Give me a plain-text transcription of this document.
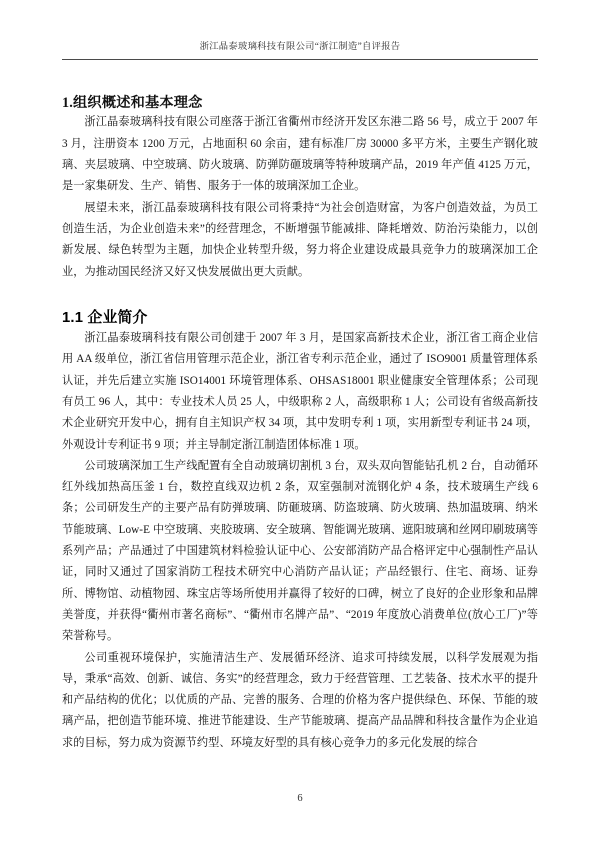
浙江晶泰玻璃科技有限公司“浙江制造”自评报告
1.组织概述和基本理念

浙江晶泰玻璃科技有限公司座落于浙江省衢州市经济开发区东港二路 56 号，成立于 2007 年 3 月，注册资本 1200 万元，占地面积 60 余亩，建有标准厂房 30000 多平方米，主要生产钢化玻璃、夹层玻璃、中空玻璃、防火玻璃、防弹防砸玻璃等特种玻璃产品，2019 年产值 4125 万元，是一家集研发、生产、销售、服务于一体的玻璃深加工企业。

展望未来，浙江晶泰玻璃科技有限公司将秉持“为社会创造财富，为客户创造效益，为员工创造生活，为企业创造未来”的经营理念，不断增强节能减排、降耗增效、防治污染能力，以创新发展、绿色转型为主题，加快企业转型升级，努力将企业建设成最具竞争力的玻璃深加工企业，为推动国民经济又好又快发展做出更大贡献。

1.1 企业简介

浙江晶泰玻璃科技有限公司创建于 2007 年 3 月，是国家高新技术企业，浙江省工商企业信用 AA 级单位，浙江省信用管理示范企业，浙江省专利示范企业，通过了 ISO9001 质量管理体系认证，并先后建立实施 ISO14001 环境管理体系、OHSAS18001 职业健康安全管理体系；公司现有员工 96 人，其中：专业技术人员 25 人，中级职称 2 人，高级职称 1 人；公司设有省级高新技术企业研究开发中心，拥有自主知识产权 34 项，其中发明专利 1 项，实用新型专利证书 24 项，外观设计专利证书 9 项；并主导制定浙江制造团体标准 1 项。

公司玻璃深加工生产线配置有全自动玻璃切割机 3 台，双头双向智能钻孔机 2 台，自动循环红外线加热高压釜 1 台，数控直线双边机 2 条，双室强制对流钢化炉 4 条，技术玻璃生产线 6 条；公司研发生产的主要产品有防弹玻璃、防砸玻璃、防盗玻璃、防火玻璃、热加温玻璃、纳米节能玻璃、Low-E 中空玻璃、夹胶玻璃、安全玻璃、智能调光玻璃、遮阳玻璃和丝网印刷玻璃等系列产品；产品通过了中国建筑材料检验认证中心、公安部消防产品合格评定中心强制性产品认证，同时又通过了国家消防工程技术研究中心消防产品认证；产品经银行、住宅、商场、证券所、博物馆、动植物园、珠宝店等场所使用并赢得了较好的口碑，树立了良好的企业形象和品牌美誉度，并获得“衢州市著名商标”、“衢州市名牌产品”、“2019 年度放心消费单位(放心工厂)”等荣誉称号。

公司重视环境保护，实施清洁生产、发展循环经济、追求可持续发展，以科学发展观为指导，秉承“高效、创新、诚信、务实”的经营理念，致力于经营管理、工艺装备、技术水平的提升和产品结构的优化；以优质的产品、完善的服务、合理的价格为客户提供绿色、环保、节能的玻璃产品，把创造节能环境、推进节能建设、生产节能玻璃、提高产品品牌和科技含量作为企业追求的目标，努力成为资源节约型、环境友好型的具有核心竞争力的多元化发展的综合

6
